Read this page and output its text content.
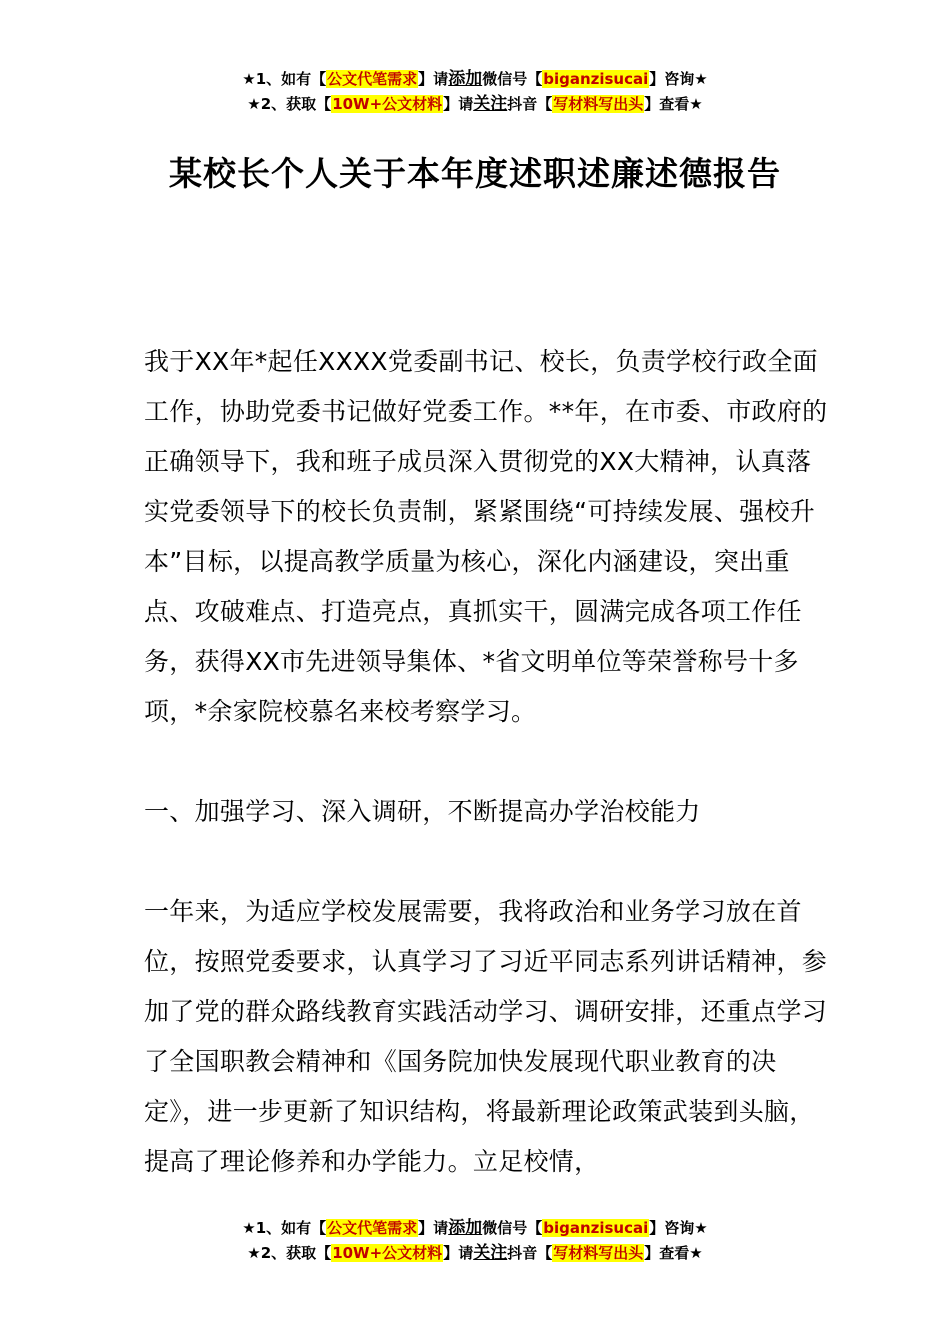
★1、如有【公文代笔需求】请添加微信号【biganzisucai】咨询★
★2、获取【10W+公文材料】请关注抖音【写材料写出头】查看★
某校长个人关于本年度述职述廉述德报告

我于XX年*起任XXXX党委副书记、校长，负责学校行政全面工作，协助党委书记做好党委工作。**年，在市委、市政府的正确领导下，我和班子成员深入贯彻党的XX大精神，认真落实党委领导下的校长负责制，紧紧围绕“可持续发展、强校升本”目标，以提高教学质量为核心，深化内涵建设，突出重点、攻破难点、打造亮点，真抓实干，圆满完成各项工作任务，获得XX市先进领导集体、*省文明单位等荣誉称号十多项，*余家院校慕名来校考察学习。

一、加强学习、深入调研，不断提高办学治校能力

一年来，为适应学校发展需要，我将政治和业务学习放在首位，按照党委要求，认真学习了习近平同志系列讲话精神，参加了党的群众路线教育实践活动学习、调研安排，还重点学习了全国职教会精神和《国务院加快发展现代职业教育的决定》，进一步更新了知识结构，将最新理论政策武装到头脑，提高了理论修养和办学能力。立足校情，

★1、如有【公文代笔需求】请添加微信号【biganzisucai】咨询★
★2、获取【10W+公文材料】请关注抖音【写材料写出头】查看★
